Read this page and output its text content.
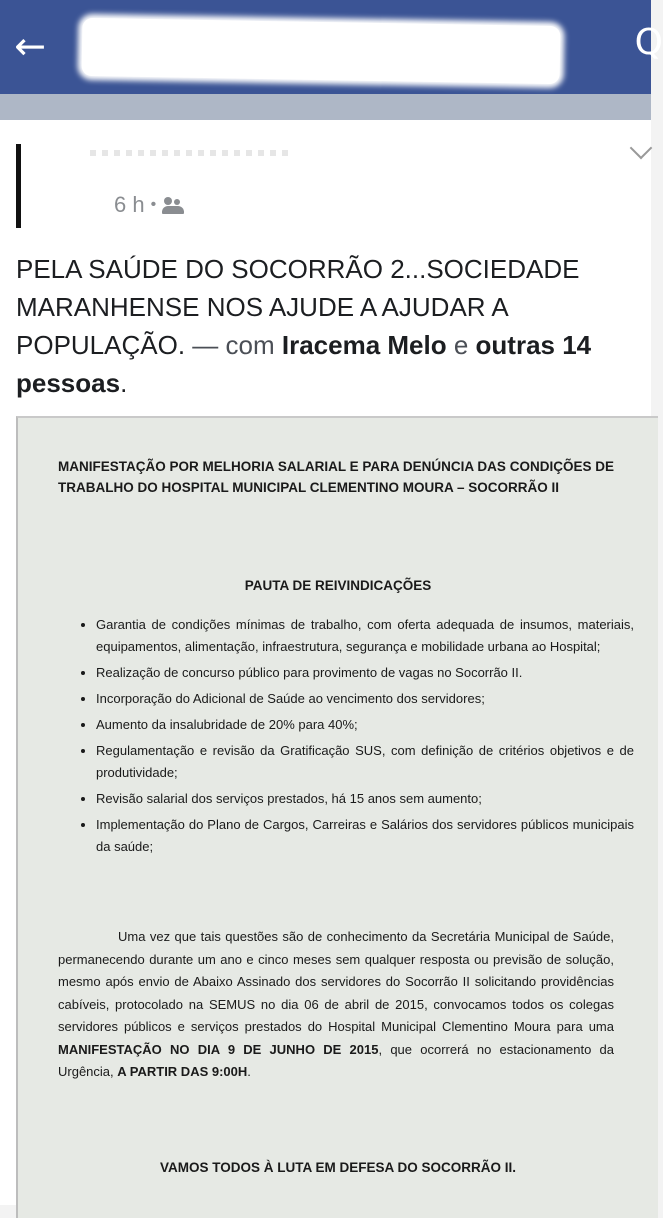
←	Q
6 h •
PELA SAÚDE DO SOCORRÃO 2...SOCIEDADE MARANHENSE NOS AJUDE A AJUDAR A POPULAÇÃO. — com Iracema Melo e outras 14 pessoas.
MANIFESTAÇÃO POR MELHORIA SALARIAL E PARA DENÚNCIA DAS CONDIÇÕES DE TRABALHO DO HOSPITAL MUNICIPAL CLEMENTINO MOURA – SOCORRÃO II
PAUTA DE REIVINDICAÇÕES
• Garantia de condições mínimas de trabalho, com oferta adequada de insumos, materiais, equipamentos, alimentação, infraestrutura, segurança e mobilidade urbana ao Hospital;
• Realização de concurso público para provimento de vagas no Socorrão II.
• Incorporação do Adicional de Saúde ao vencimento dos servidores;
• Aumento da insalubridade de 20% para 40%;
• Regulamentação e revisão da Gratificação SUS, com definição de critérios objetivos e de produtividade;
• Revisão salarial dos serviços prestados, há 15 anos sem aumento;
• Implementação do Plano de Cargos, Carreiras e Salários dos servidores públicos municipais da saúde;
Uma vez que tais questões são de conhecimento da Secretária Municipal de Saúde, permanecendo durante um ano e cinco meses sem qualquer resposta ou previsão de solução, mesmo após envio de Abaixo Assinado dos servidores do Socorrão II solicitando providências cabíveis, protocolado na SEMUS no dia 06 de abril de 2015, convocamos todos os colegas servidores públicos e serviços prestados do Hospital Municipal Clementino Moura para uma MANIFESTAÇÃO NO DIA 9 DE JUNHO DE 2015, que ocorrerá no estacionamento da Urgência, A PARTIR DAS 9:00H.
VAMOS TODOS À LUTA EM DEFESA DO SOCORRÃO II.
